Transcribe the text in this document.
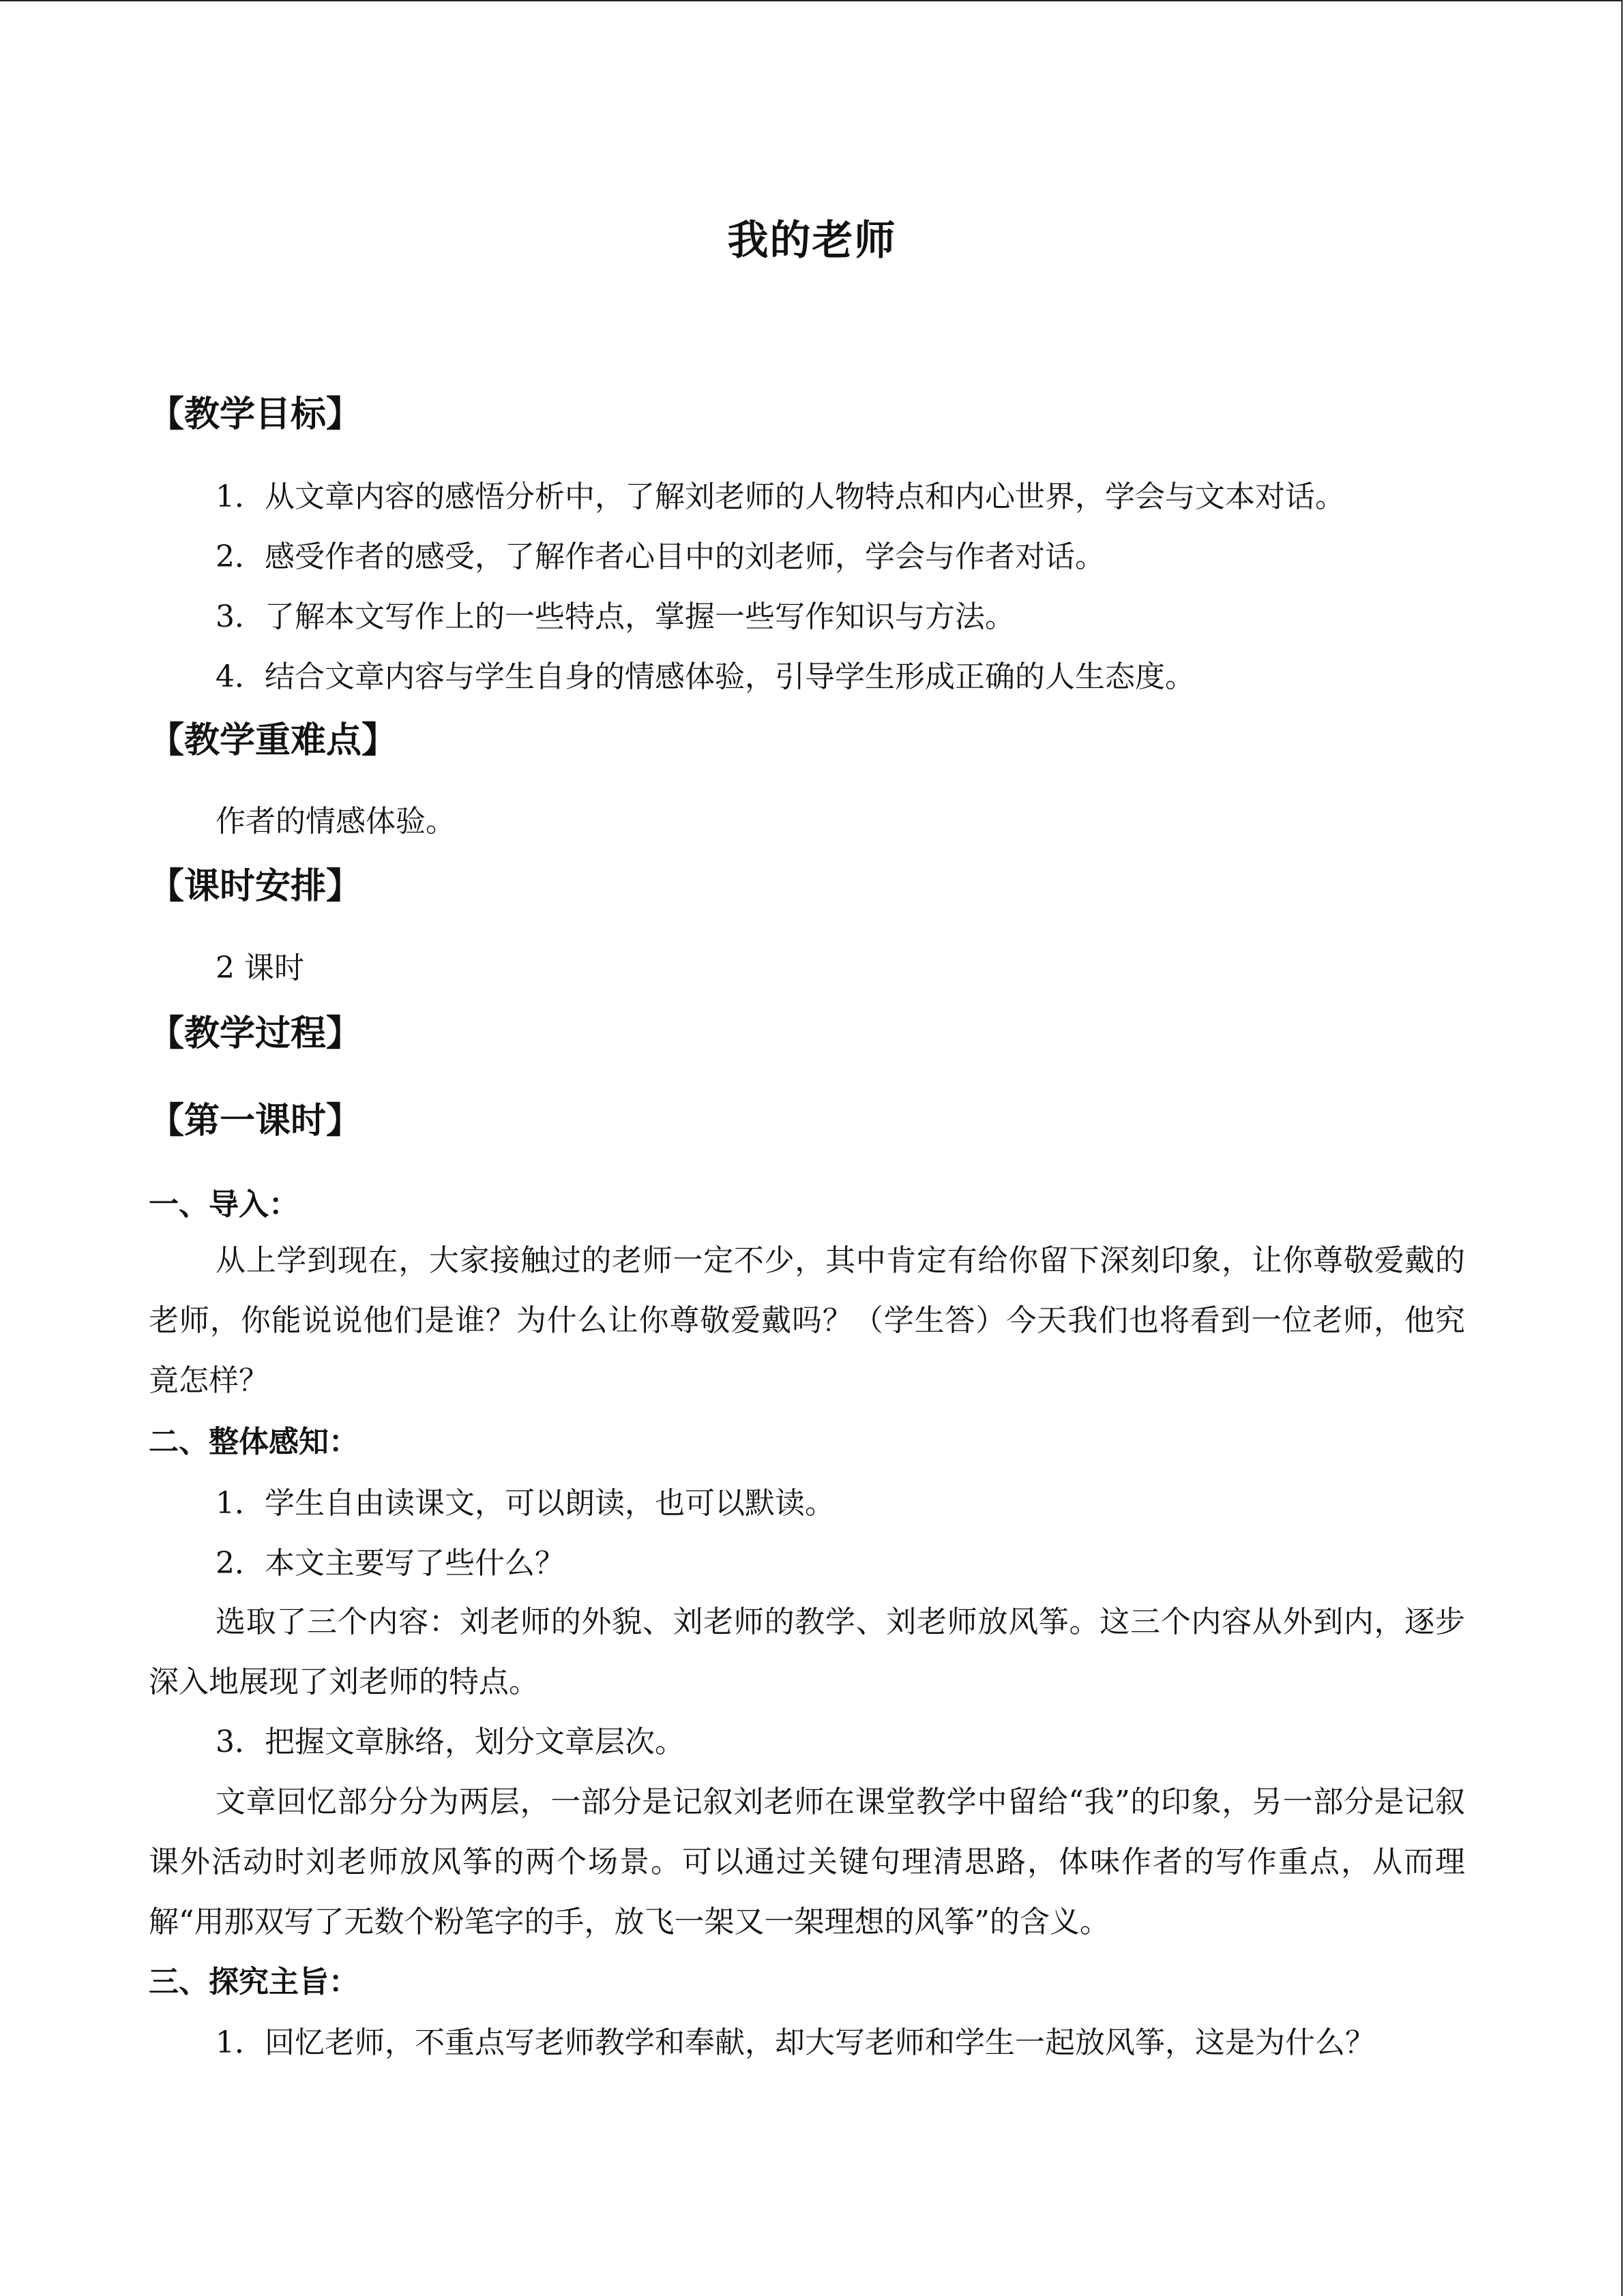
我的老师
【教学目标】
1．从文章内容的感悟分析中，了解刘老师的人物特点和内心世界，学会与文本对话。
2．感受作者的感受，了解作者心目中的刘老师，学会与作者对话。
3．了解本文写作上的一些特点，掌握一些写作知识与方法。
4．结合文章内容与学生自身的情感体验，引导学生形成正确的人生态度。
【教学重难点】
作者的情感体验。
【课时安排】
2 课时
【教学过程】
【第一课时】
一、导入：
从上学到现在，大家接触过的老师一定不少，其中肯定有给你留下深刻印象，让你尊敬爱戴的老师，你能说说他们是谁？为什么让你尊敬爱戴吗？（学生答）今天我们也将看到一位老师，他究竟怎样？
二、整体感知：
1．学生自由读课文，可以朗读，也可以默读。
2．本文主要写了些什么？
选取了三个内容：刘老师的外貌、刘老师的教学、刘老师放风筝。这三个内容从外到内，逐步深入地展现了刘老师的特点。
3．把握文章脉络，划分文章层次。
文章回忆部分分为两层，一部分是记叙刘老师在课堂教学中留给“我”的印象，另一部分是记叙课外活动时刘老师放风筝的两个场景。可以通过关键句理清思路，体味作者的写作重点，从而理解“用那双写了无数个粉笔字的手，放飞一架又一架理想的风筝”的含义。
三、探究主旨：
1．回忆老师，不重点写老师教学和奉献，却大写老师和学生一起放风筝，这是为什么？
